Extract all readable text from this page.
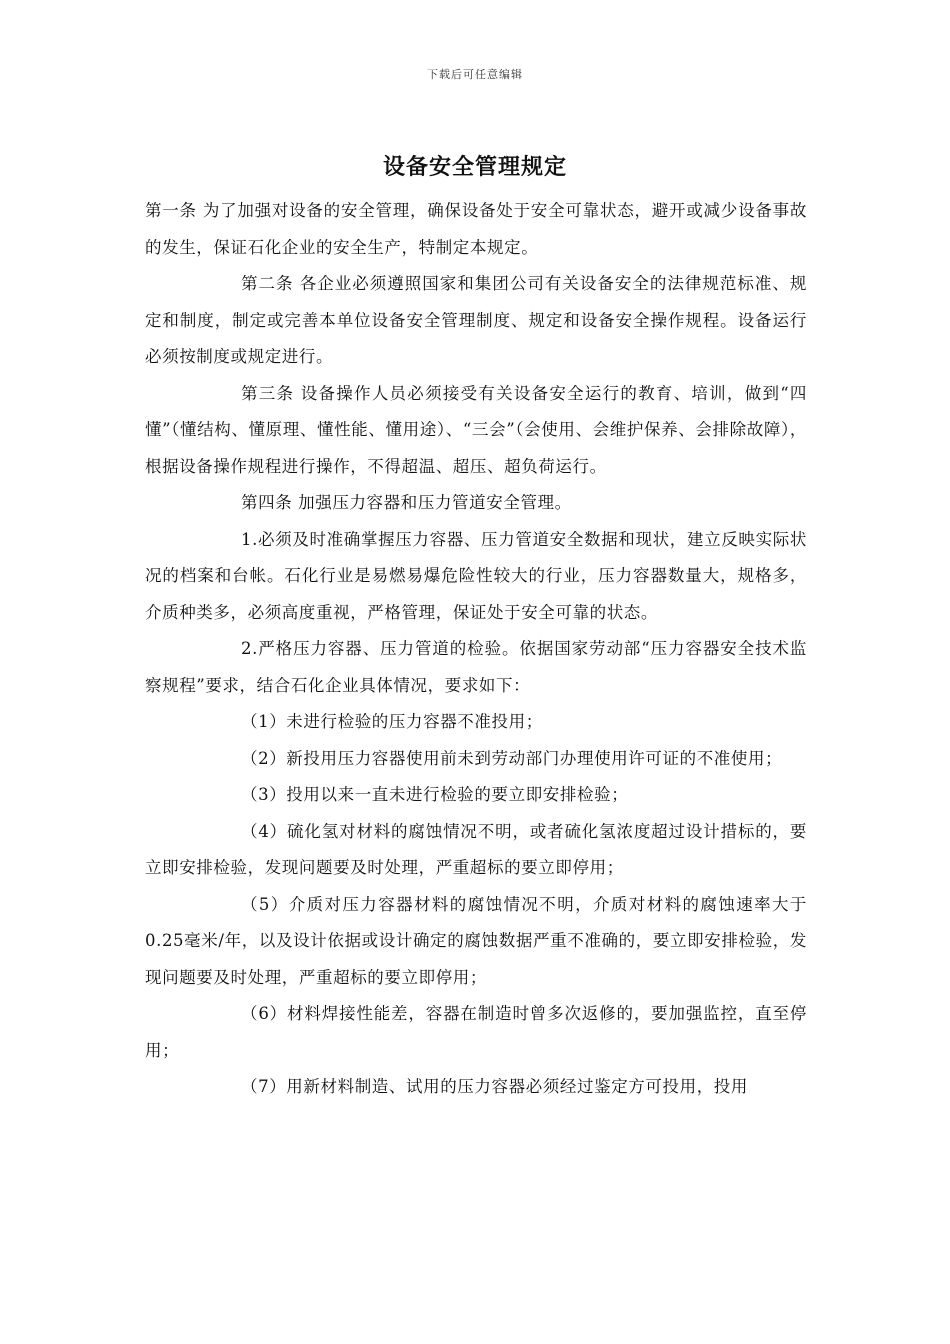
下载后可任意编辑
设备安全管理规定

第一条 为了加强对设备的安全管理，确保设备处于安全可靠状态，避开或减少设备事故的发生，保证石化企业的安全生产，特制定本规定。

第二条 各企业必须遵照国家和集团公司有关设备安全的法律规范标准、规定和制度，制定或完善本单位设备安全管理制度、规定和设备安全操作规程。设备运行必须按制度或规定进行。

第三条 设备操作人员必须接受有关设备安全运行的教育、培训，做到“四懂”（懂结构、懂原理、懂性能、懂用途）、“三会”（会使用、会维护保养、会排除故障），根据设备操作规程进行操作，不得超温、超压、超负荷运行。

第四条 加强压力容器和压力管道安全管理。

1.必须及时准确掌握压力容器、压力管道安全数据和现状，建立反映实际状况的档案和台帐。石化行业是易燃易爆危险性较大的行业，压力容器数量大，规格多，介质种类多，必须高度重视，严格管理，保证处于安全可靠的状态。

2.严格压力容器、压力管道的检验。依据国家劳动部“压力容器安全技术监察规程”要求，结合石化企业具体情况，要求如下：

（1）未进行检验的压力容器不准投用；

（2）新投用压力容器使用前未到劳动部门办理使用许可证的不准使用；

（3）投用以来一直未进行检验的要立即安排检验；

（4）硫化氢对材料的腐蚀情况不明，或者硫化氢浓度超过设计措标的，要立即安排检验，发现问题要及时处理，严重超标的要立即停用；

（5）介质对压力容器材料的腐蚀情况不明，介质对材料的腐蚀速率大于0.25毫米/年，以及设计依据或设计确定的腐蚀数据严重不准确的，要立即安排检验，发现问题要及时处理，严重超标的要立即停用；

（6）材料焊接性能差，容器在制造时曾多次返修的，要加强监控，直至停用；

（7）用新材料制造、试用的压力容器必须经过鉴定方可投用，投用
